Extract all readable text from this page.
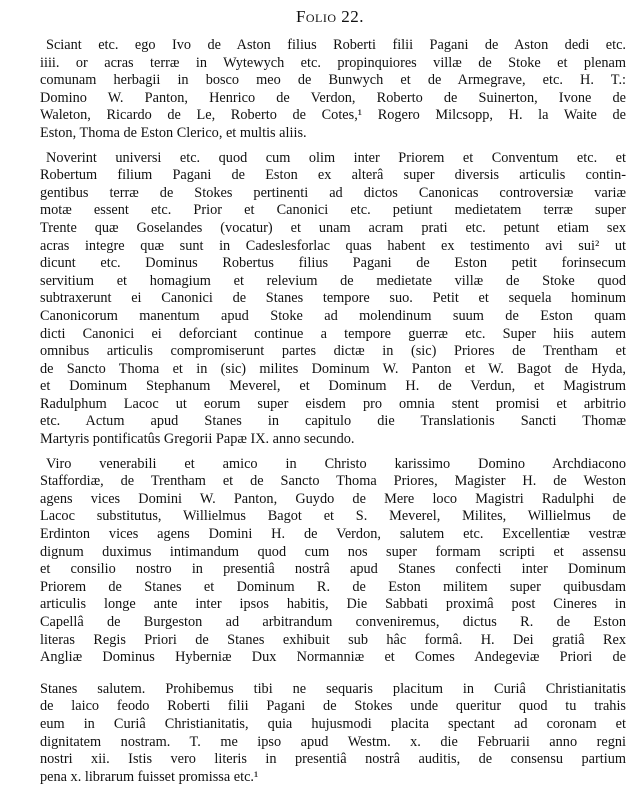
Folio 22.
Sciant etc. ego Ivo de Aston filius Roberti filii Pagani de Aston dedi etc.
iiii. or acras terræ in Wytewych etc. propinquiores villæ de Stoke et plenam
comunam herbagii in bosco meo de Bunwych et de Armegrave, etc. H. T.:
Domino W. Panton, Henrico de Verdon, Roberto de Suinerton, Ivone de
Waleton, Ricardo de Le, Roberto de Cotes,¹ Rogero Milcsopp, H. la Waite de
Eston, Thoma de Eston Clerico, et multis aliis.
Noverint universi etc. quod cum olim inter Priorem et Conventum etc. et
Robertum filium Pagani de Eston ex alterâ super diversis articulis contin-
gentibus terræ de Stokes pertinenti ad dictos Canonicas controversiæ variæ
motæ essent etc. Prior et Canonici etc. petiunt medietatem terræ super
Trente quæ Goselandes (vocatur) et unam acram prati etc. petunt etiam sex
acras integre quæ sunt in Cadeslesforlac quas habent ex testimento avi sui² ut
dicunt etc. Dominus Robertus filius Pagani de Eston petit forinsecum
servitium et homagium et relevium de medietate villæ de Stoke quod
subtraxerunt ei Canonici de Stanes tempore suo. Petit et sequela hominum
Canonicorum manentum apud Stoke ad molendinum suum de Eston quam
dicti Canonici ei deforciant continue a tempore guerræ etc. Super hiis autem
omnibus articulis compromiserunt partes dictæ in (sic) Priores de Trentham et
de Sancto Thoma et in (sic) milites Dominum W. Panton et W. Bagot de Hyda,
et Dominum Stephanum Meverel, et Dominum H. de Verdun, et Magistrum
Radulphum Lacoc ut eorum super eisdem pro omnia stent promisi et arbitrio
etc. Actum apud Stanes in capitulo die Translationis Sancti Thomæ
Martyris pontificatûs Gregorii Papæ IX. anno secundo.
Viro venerabili et amico in Christo karissimo Domino Archdiacono
Staffordiæ, de Trentham et de Sancto Thoma Priores, Magister H. de Weston
agens vices Domini W. Panton, Guydo de Mere loco Magistri Radulphi de
Lacoc substitutus, Willielmus Bagot et S. Meverel, Milites, Willielmus de
Erdinton vices agens Domini H. de Verdon, salutem etc. Excellentiæ vestræ
dignum duximus intimandum quod cum nos super formam scripti et assensu
et consilio nostro in presentiâ nostrâ apud Stanes confecti inter Dominum
Priorem de Stanes et Dominum R. de Eston militem super quibusdam
articulis longe ante inter ipsos habitis, Die Sabbati proximâ post Cineres in
Capellâ de Burgeston ad arbitrandum conveniremus, dictus R. de Eston
literas Regis Priori de Stanes exhibuit sub hâc formâ. H. Dei gratiâ Rex
Angliæ Dominus Hyberniæ Dux Normanniæ et Comes Andegeviæ Priori de
Stanes salutem. Prohibemus tibi ne sequaris placitum in Curiâ Christianitatis
de laico feodo Roberti filii Pagani de Stokes unde queritur quod tu trahis
eum in Curiâ Christianitatis, quia hujusmodi placita spectant ad coronam et
dignitatem nostram. T. me ipso apud Westm. x. die Februarii anno regni
nostri xii. Istis vero literis in presentiâ nostrâ auditis, de consensu partium
pena x. librarum fuisset promissa etc.¹
